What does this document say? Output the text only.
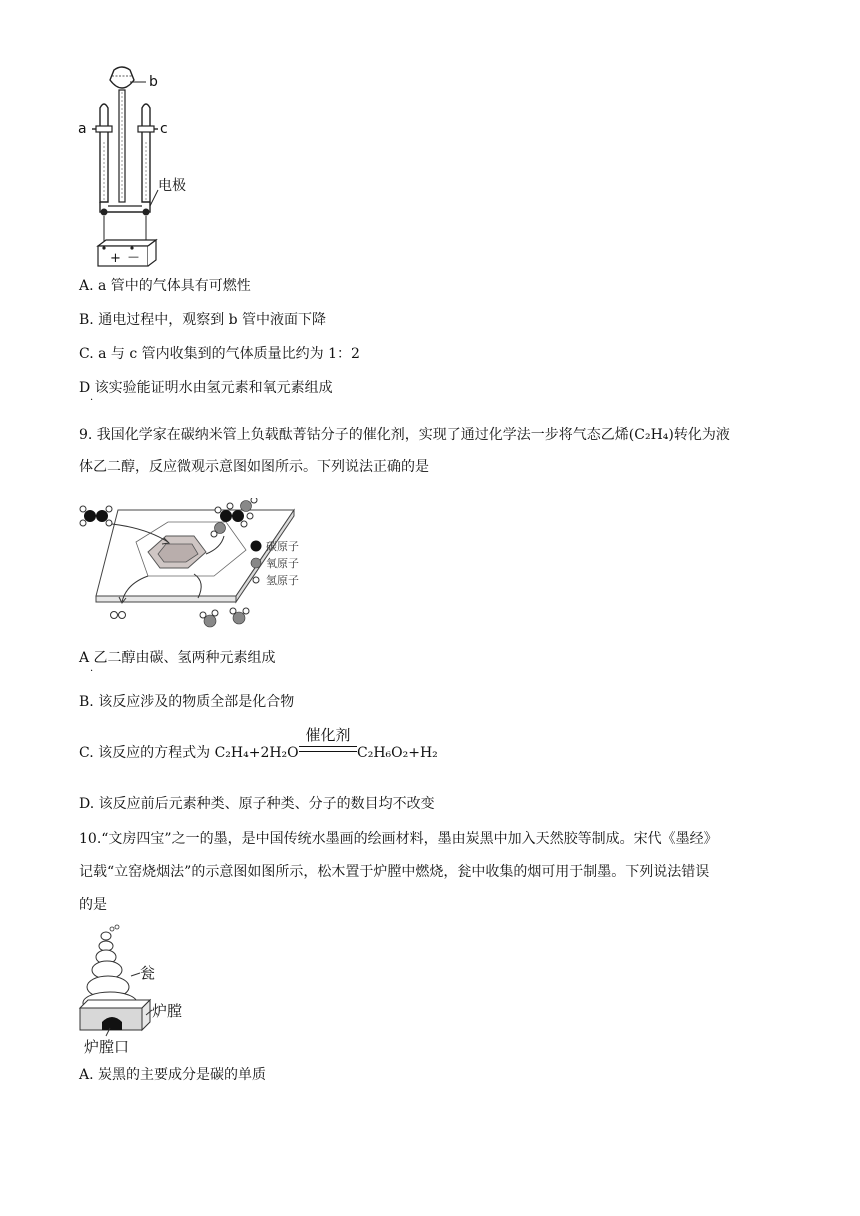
b
a	c
电极
+ —
A. a 管中的气体具有可燃性
B. 通电过程中，观察到 b 管中液面下降
C. a 与 c 管内收集到的气体质量比约为 1：2
D 该实验能证明水由氢元素和氧元素组成
·
9. 我国化学家在碳纳米管上负载酞菁钴分子的催化剂，实现了通过化学法一步将气态乙烯(C₂H₄)转化为液
体乙二醇，反应微观示意图如图所示。下列说法正确的是
碳原子
氧原子
氢原子
A 乙二醇由碳、氢两种元素组成
·
B. 该反应涉及的物质全部是化合物
C. 该反应的方程式为 C₂H₄+2H₂O
催化剂
C₂H₆O₂+H₂
D. 该反应前后元素种类、原子种类、分子的数目均不改变
10.“文房四宝”之一的墨，是中国传统水墨画的绘画材料，墨由炭黑中加入天然胶等制成。宋代《墨经》
记载“立窑烧烟法”的示意图如图所示，松木置于炉膛中燃烧，瓮中收集的烟可用于制墨。下列说法错误
的是
瓮
炉膛
炉膛口
A. 炭黑的主要成分是碳的单质
